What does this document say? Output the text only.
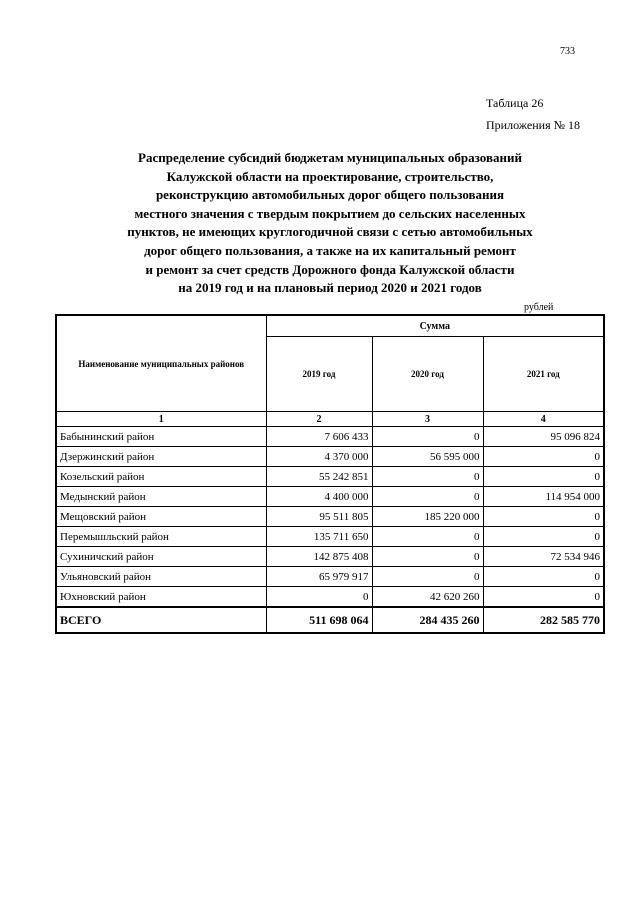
733
Таблица 26
Приложения № 18
Распределение субсидий бюджетам муниципальных образований
Калужской области на проектирование, строительство,
реконструкцию автомобильных дорог общего пользования
местного значения с твердым покрытием до сельских населенных
пунктов, не имеющих круглогодичной связи с сетью автомобильных
дорог общего пользования, а также на их капитальный ремонт
и ремонт за счет средств Дорожного фонда Калужской области
на 2019 год и на плановый период 2020 и 2021 годов
рублей
Наименование муниципальных районов	Сумма		
	2019 год	2020 год	2021 год
1	2	3	4
Бабынинский район	7 606 433	0	95 096 824
Дзержинский район	4 370 000	56 595 000	0
Козельский район	55 242 851	0	0
Медынский район	4 400 000	0	114 954 000
Мещовский район	95 511 805	185 220 000	0
Перемышльский район	135 711 650	0	0
Сухиничский район	142 875 408	0	72 534 946
Ульяновский район	65 979 917	0	0
Юхновский район	0	42 620 260	0
ВСЕГО	511 698 064	284 435 260	282 585 770
